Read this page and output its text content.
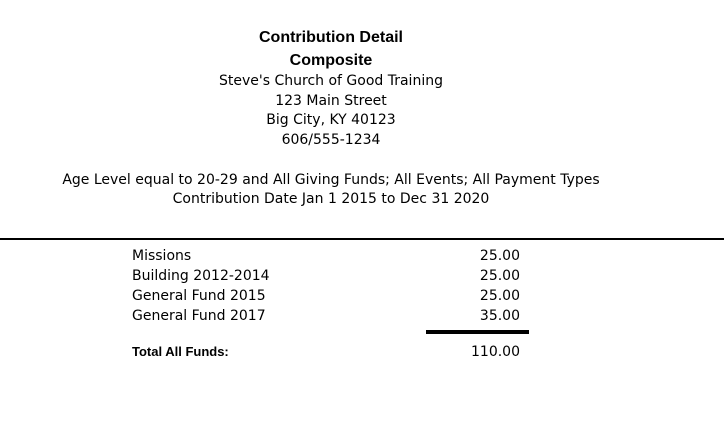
Contribution Detail
Composite
Steve's Church of Good Training
123 Main Street
Big City, KY 40123
606/555-1234
Age Level equal to 20-29 and All Giving Funds; All Events; All Payment Types
Contribution Date Jan 1 2015 to Dec 31 2020
Missions	25.00
Building 2012-2014	25.00
General Fund 2015	25.00
General Fund 2017	35.00
Total All Funds:	110.00
